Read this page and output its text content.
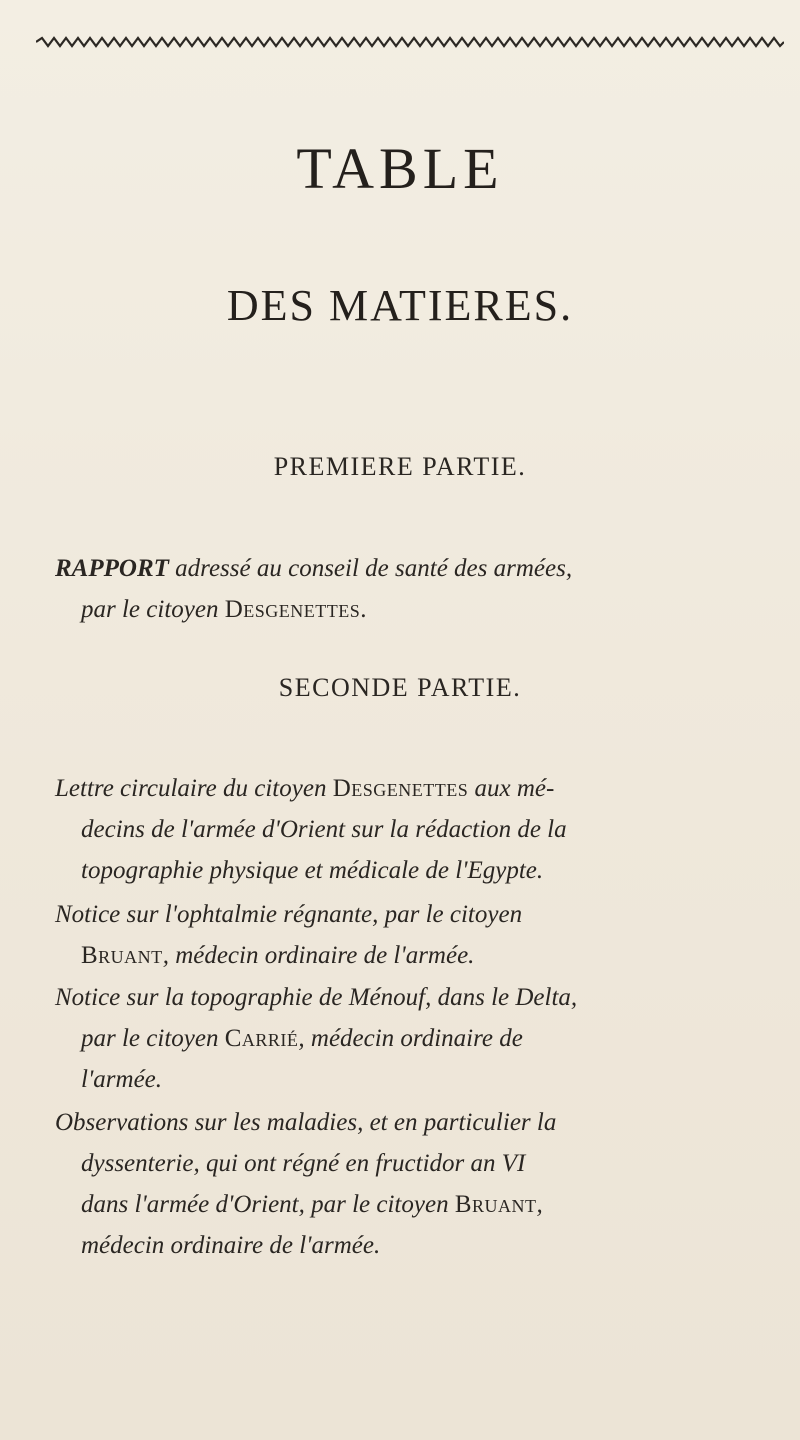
TABLE
DES MATIERES.
PREMIERE PARTIE.
RAPPORT adressé au conseil de santé des armées,
par le citoyen Desgenettes.
SECONDE PARTIE.
Lettre circulaire du citoyen Desgenettes aux mé-
decins de l'armée d'Orient sur la rédaction de la
topographie physique et médicale de l'Egypte.
Notice sur l'ophtalmie régnante, par le citoyen
Bruant, médecin ordinaire de l'armée.
Notice sur la topographie de Ménouf, dans le Delta,
par le citoyen Carrié, médecin ordinaire de
l'armée.
Observations sur les maladies, et en particulier la
dyssenterie, qui ont régné en fructidor an VI
dans l'armée d'Orient, par le citoyen Bruant,
médecin ordinaire de l'armée.
